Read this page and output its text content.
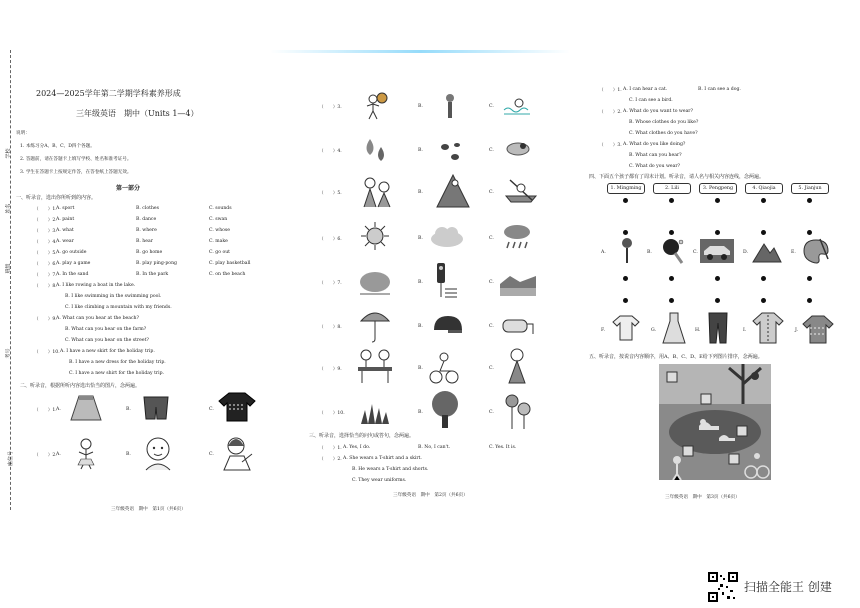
学校
姓名
班级
考号
座位号
2024—2025学年第二学期学科素养形成
三年级英语　期中（Units 1—4）
说明：
1. 本练习分A、B、C、D四个各题。
2. 答题前，请在答题卡上填写学校、姓名和准考证号。
3. 学生在答题卡上按规定作答，在答卷纸上答题无效。
第一部分
一、听录音，选出你所听到的内容。
（　　）1. A. sport	B. clothes	C. sounds
（　　）2. A. paint	B. dance	C. swan
（　　）3. A. what	B. where	C. whose
（　　）4. A. wear	B. hear	C. make
（　　）5. A. go outside	B. go home	C. go out
（　　）6. A. play a game	B. play ping-pong	C. play basketball
（　　）7. A. In the sand	B. In the park	C. on the beach
（　　）8. A. I like rowing a boat in the lake.
B. I like swimming in the swimming pool.
C. I like climbing a mountain with my friends.
（　　）9. A. What can you hear at the beach?
B. What can you hear on the farm?
C. What can you hear on the street?
（　　）10. A. I have a new skirt for the holiday trip.
B. I have a new dress for the holiday trip.
C. I have a new shirt for the holiday trip.
二、听录音，根据所听内容选出恰当的图片，念两遍。
（　　）1. A.	B.	C.
（　　）2. A.	B.	C.
三年级英语　期中　第1页（共6页）
（　　）3.	B.	C.
（　　）4.	B.	C.
（　　）5.	B.	C.
（　　）6.	B.	C.
（　　）7.	B.	C.
（　　）8.	B.	C.
（　　）9.	B.	C.
（　　）10.	B.	C.
三、听录音，选择恰当的问句或答句，念两遍。
（　　）1. A. Yes, I do.	B. No, I can't.	C. Yes. It is.
（　　）2. A. She wears a T-shirt and a skirt.
B. He wears a T-shirt and shorts.
C. They wear uniforms.
三年级英语　期中　第2页（共6页）
（　　）1. A. I can hear a cat.	B. I can see a dog.
C. I can see a bird.
（　　）2. A. What do you want to wear?
B. Whose clothes do you like?
C. What clothes do you have?
（　　）3. A. What do you like doing?
B. What can you hear?
C. What do you wear?
四、下面五个孩子都有了周末计划。听录音，请人名与相关内容连线，念两遍。
1. Mingming	2. Lili	3. Pengpeng	4. Qiaojia	5. Jianjun
A.	B.	C.	D.	E.
F.	G.	H.	I.	J.
五、听录音，按说音内容顺序，用A、B、C、D、E给下列图片排序，念两遍。
三年级英语　期中　第3页（共6页）
扫描全能王 创建
